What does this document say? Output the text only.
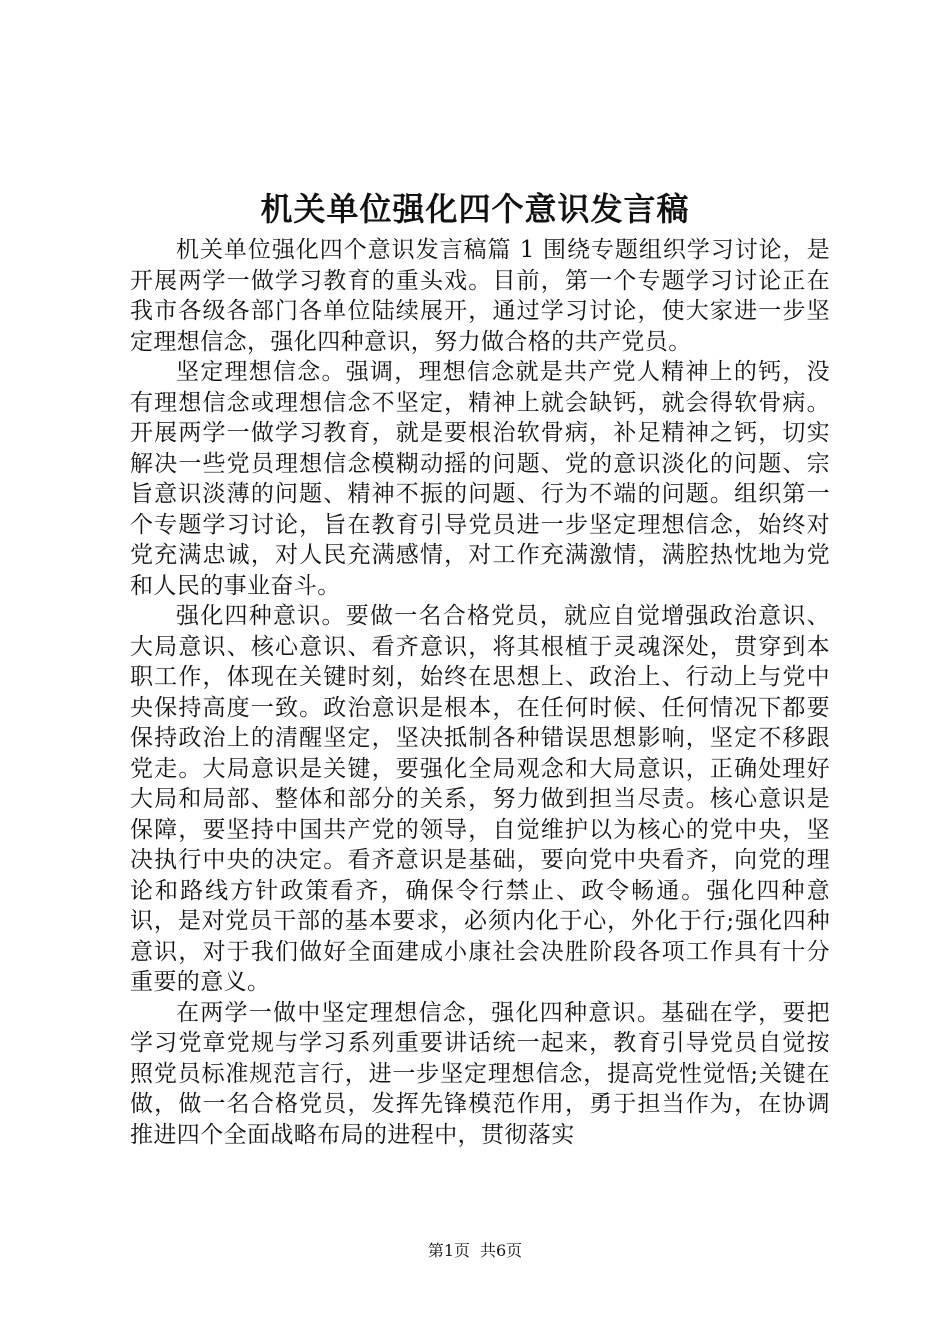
机关单位强化四个意识发言稿

机关单位强化四个意识发言稿篇 1 围绕专题组织学习讨论，是开展两学一做学习教育的重头戏。目前，第一个专题学习讨论正在我市各级各部门各单位陆续展开，通过学习讨论，使大家进一步坚定理想信念，强化四种意识，努力做合格的共产党员。

坚定理想信念。强调，理想信念就是共产党人精神上的钙，没有理想信念或理想信念不坚定，精神上就会缺钙，就会得软骨病。开展两学一做学习教育，就是要根治软骨病，补足精神之钙，切实解决一些党员理想信念模糊动摇的问题、党的意识淡化的问题、宗旨意识淡薄的问题、精神不振的问题、行为不端的问题。组织第一个专题学习讨论，旨在教育引导党员进一步坚定理想信念，始终对党充满忠诚，对人民充满感情，对工作充满激情，满腔热忱地为党和人民的事业奋斗。

强化四种意识。要做一名合格党员，就应自觉增强政治意识、大局意识、核心意识、看齐意识，将其根植于灵魂深处，贯穿到本职工作，体现在关键时刻，始终在思想上、政治上、行动上与党中央保持高度一致。政治意识是根本，在任何时候、任何情况下都要保持政治上的清醒坚定，坚决抵制各种错误思想影响，坚定不移跟党走。大局意识是关键，要强化全局观念和大局意识，正确处理好大局和局部、整体和部分的关系，努力做到担当尽责。核心意识是保障，要坚持中国共产党的领导，自觉维护以为核心的党中央，坚决执行中央的决定。看齐意识是基础，要向党中央看齐，向党的理论和路线方针政策看齐，确保令行禁止、政令畅通。强化四种意识，是对党员干部的基本要求，必须内化于心，外化于行;强化四种意识，对于我们做好全面建成小康社会决胜阶段各项工作具有十分重要的意义。

在两学一做中坚定理想信念，强化四种意识。基础在学，要把学习党章党规与学习系列重要讲话统一起来，教育引导党员自觉按照党员标准规范言行，进一步坚定理想信念，提高党性觉悟;关键在做，做一名合格党员，发挥先锋模范作用，勇于担当作为，在协调推进四个全面战略布局的进程中，贯彻落实

第1页 共6页
